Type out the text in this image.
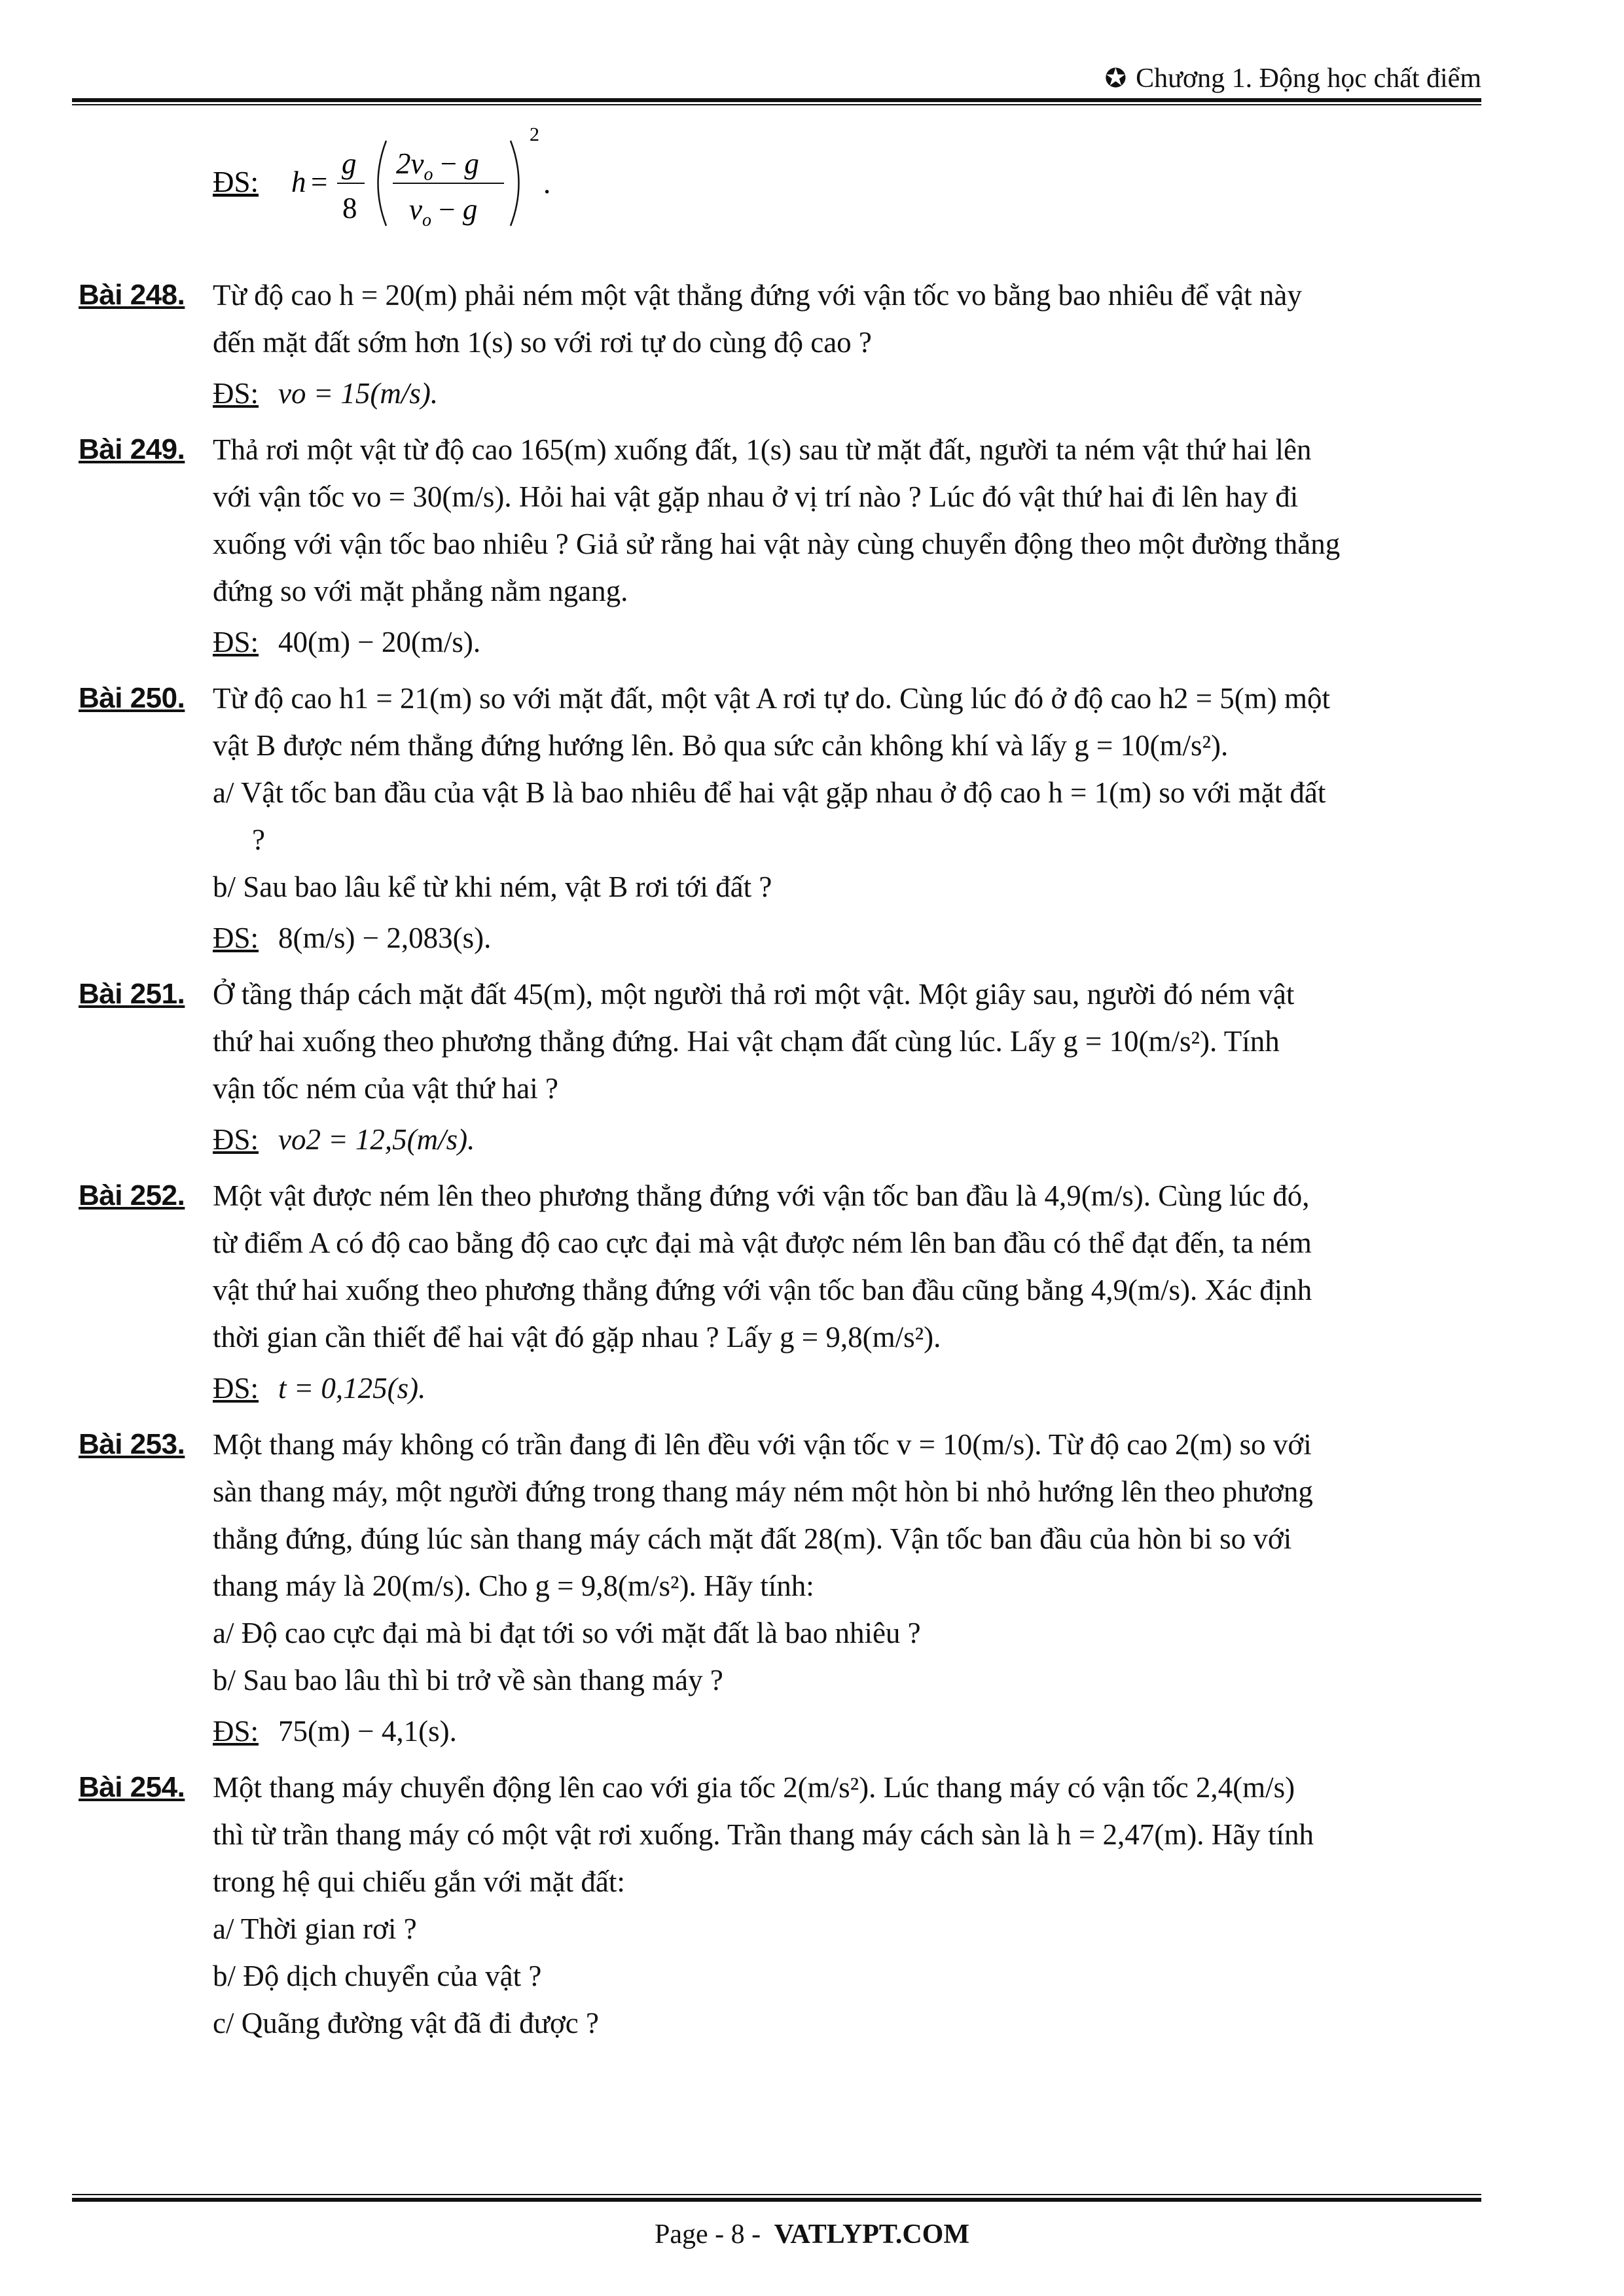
✪ Chương 1. Động học chất điểm
ĐS: h =
g
8
$2v_o - g$
$v_o - g$
2
.
Bài 248. Từ độ cao h = 20(m) phải ném một vật thẳng đứng với vận tốc vo bằng bao nhiêu để vật này

đến mặt đất sớm hơn 1(s) so với rơi tự do cùng độ cao ?

ĐS: vo = 15(m/s).

Bài 249. Thả rơi một vật từ độ cao 165(m) xuống đất, 1(s) sau từ mặt đất, người ta ném vật thứ hai lên

với vận tốc vo = 30(m/s). Hỏi hai vật gặp nhau ở vị trí nào ? Lúc đó vật thứ hai đi lên hay đi

xuống với vận tốc bao nhiêu ? Giả sử rằng hai vật này cùng chuyển động theo một đường thẳng

đứng so với mặt phẳng nằm ngang.

ĐS: 40(m) − 20(m/s).

Bài 250. Từ độ cao h1 = 21(m) so với mặt đất, một vật A rơi tự do. Cùng lúc đó ở độ cao h2 = 5(m) một

vật B được ném thẳng đứng hướng lên. Bỏ qua sức cản không khí và lấy g = 10(m/s²).

a/ Vật tốc ban đầu của vật B là bao nhiêu để hai vật gặp nhau ở độ cao h = 1(m) so với mặt đất

?

b/ Sau bao lâu kể từ khi ném, vật B rơi tới đất ?

ĐS: 8(m/s) − 2,083(s).

Bài 251. Ở tầng tháp cách mặt đất 45(m), một người thả rơi một vật. Một giây sau, người đó ném vật

thứ hai xuống theo phương thẳng đứng. Hai vật chạm đất cùng lúc. Lấy g = 10(m/s²). Tính

vận tốc ném của vật thứ hai ?

ĐS: vo2 = 12,5(m/s).

Bài 252. Một vật được ném lên theo phương thẳng đứng với vận tốc ban đầu là 4,9(m/s). Cùng lúc đó,

từ điểm A có độ cao bằng độ cao cực đại mà vật được ném lên ban đầu có thể đạt đến, ta ném

vật thứ hai xuống theo phương thẳng đứng với vận tốc ban đầu cũng bằng 4,9(m/s). Xác định

thời gian cần thiết để hai vật đó gặp nhau ? Lấy g = 9,8(m/s²).

ĐS: t = 0,125(s).

Bài 253. Một thang máy không có trần đang đi lên đều với vận tốc v = 10(m/s). Từ độ cao 2(m) so với

sàn thang máy, một người đứng trong thang máy ném một hòn bi nhỏ hướng lên theo phương

thẳng đứng, đúng lúc sàn thang máy cách mặt đất 28(m). Vận tốc ban đầu của hòn bi so với

thang máy là 20(m/s). Cho g = 9,8(m/s²). Hãy tính:

a/ Độ cao cực đại mà bi đạt tới so với mặt đất là bao nhiêu ?

b/ Sau bao lâu thì bi trở về sàn thang máy ?

ĐS: 75(m) − 4,1(s).

Bài 254. Một thang máy chuyển động lên cao với gia tốc 2(m/s²). Lúc thang máy có vận tốc 2,4(m/s)

thì từ trần thang máy có một vật rơi xuống. Trần thang máy cách sàn là h = 2,47(m). Hãy tính

trong hệ qui chiếu gắn với mặt đất:

a/ Thời gian rơi ?

b/ Độ dịch chuyển của vật ?

c/ Quãng đường vật đã đi được ?

Page - 8 - VATLYPT.COM
